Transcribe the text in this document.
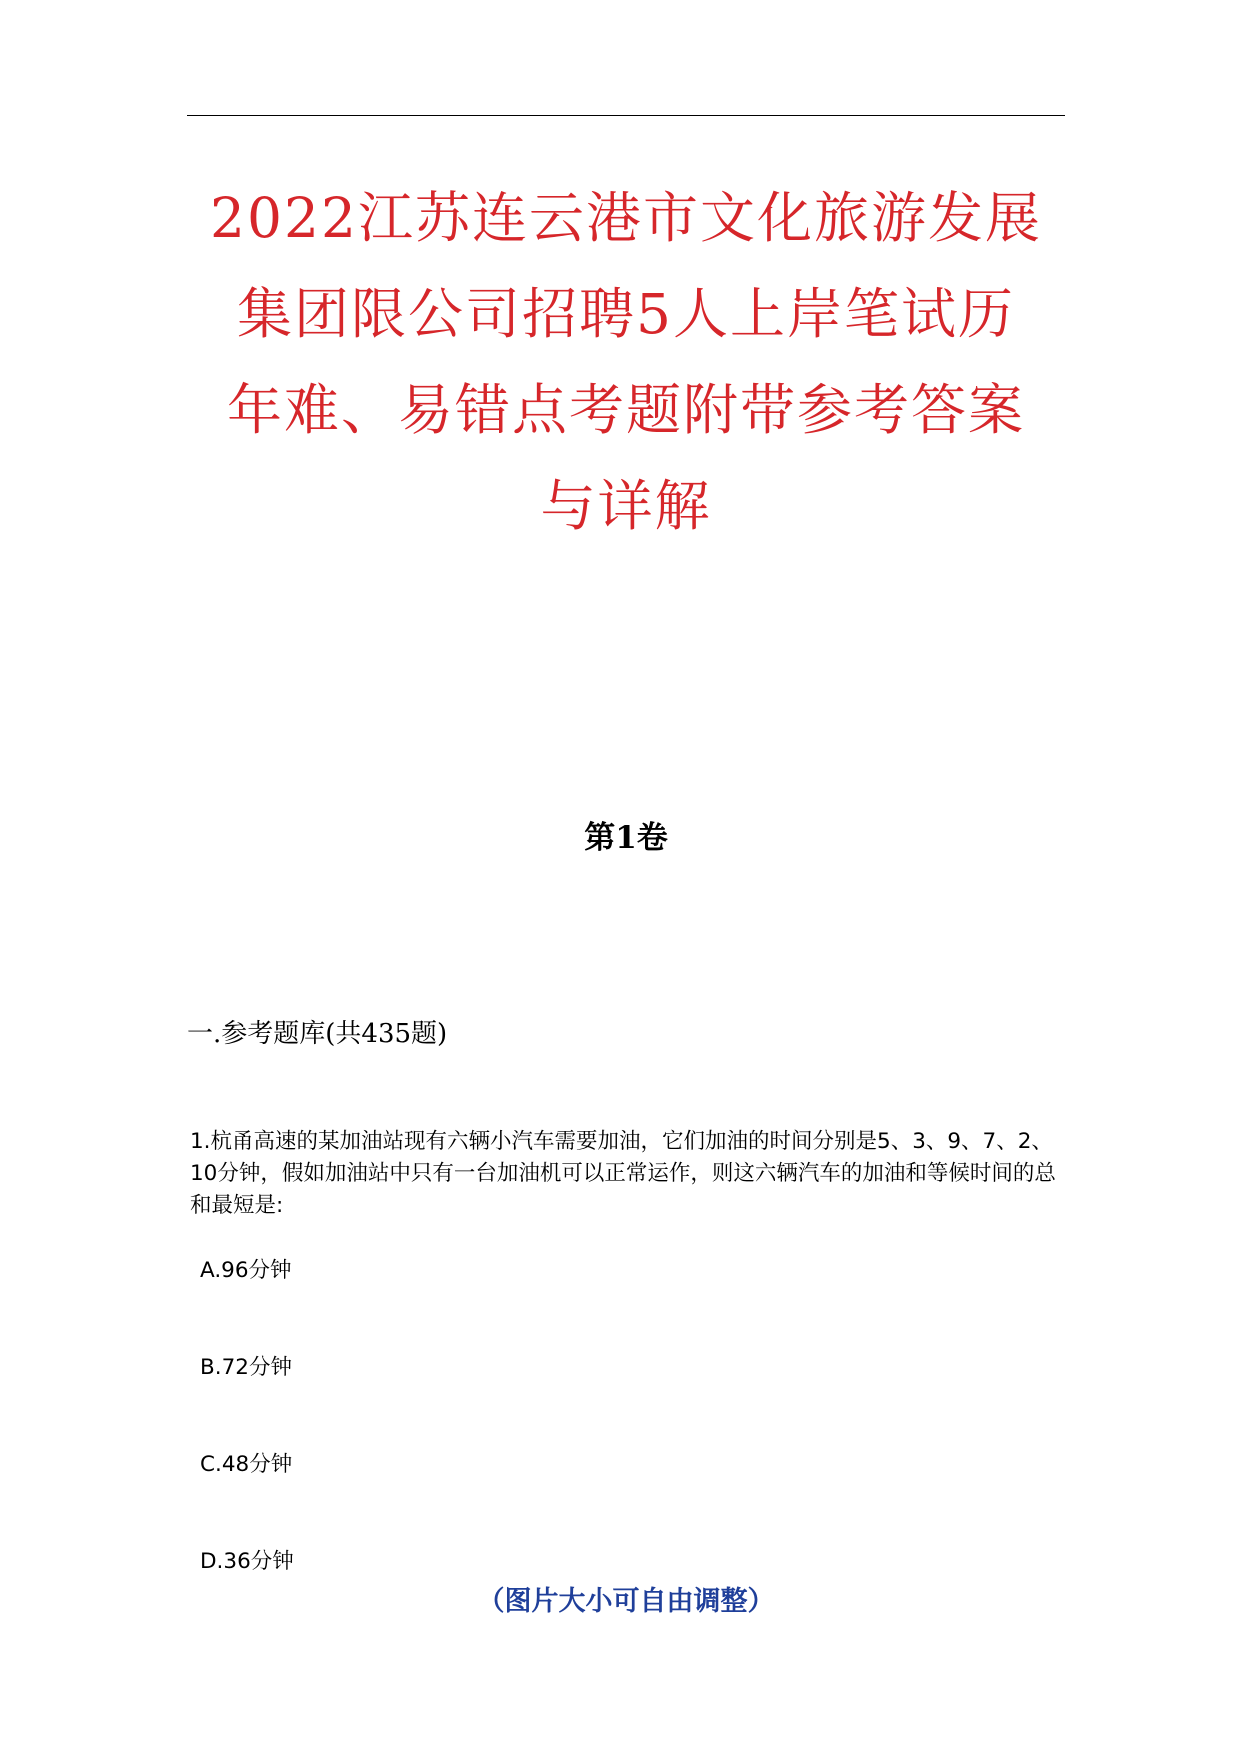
2022江苏连云港市文化旅游发展
集团限公司招聘5人上岸笔试历
年难、易错点考题附带参考答案
与详解
第1卷
一.参考题库(共435题)

1.杭甬高速的某加油站现有六辆小汽车需要加油，它们加油的时间分别是5、3、9、7、2、10分钟，假如加油站中只有一台加油机可以正常运作，则这六辆汽车的加油和等候时间的总和最短是:

A.96分钟

B.72分钟

C.48分钟

D.36分钟

（图片大小可自由调整）
